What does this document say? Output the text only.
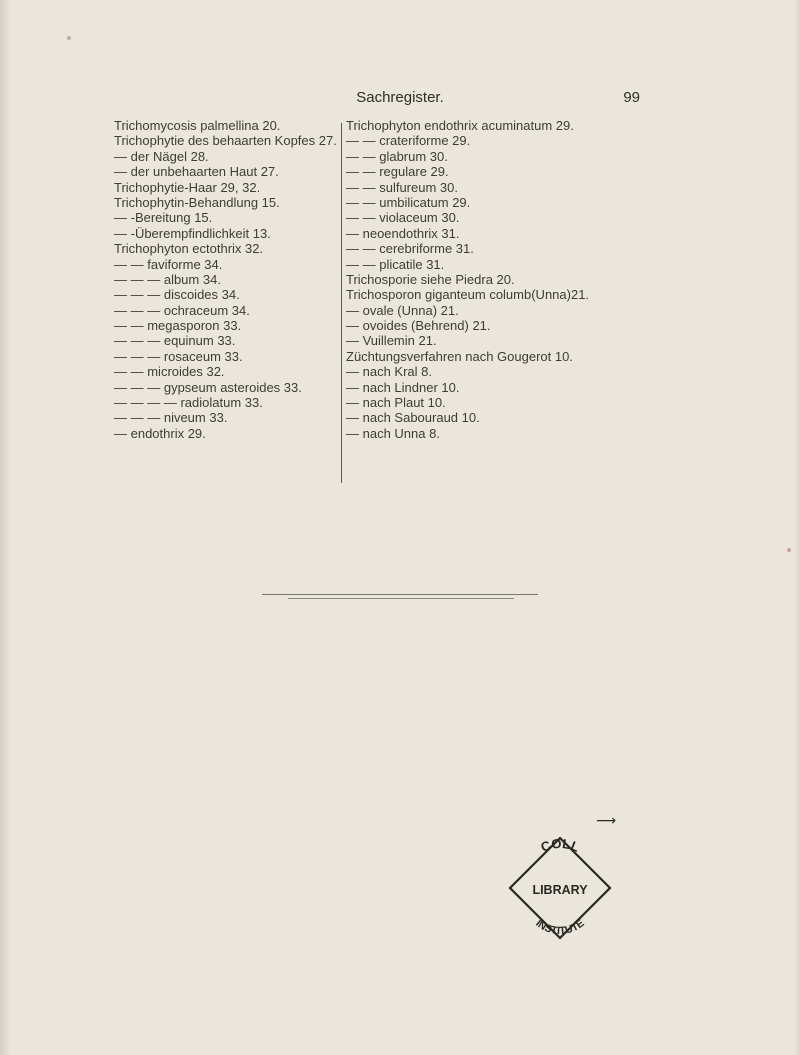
Sachregister.	99
Trichomycosis palmellina 20.
Trichophytie des behaarten Kopfes 27.
— der Nägel 28.
— der unbehaarten Haut 27.
Trichophytie-Haar 29, 32.
Trichophytin-Behandlung 15.
— -Bereitung 15.
— -Überempfindlichkeit 13.
Trichophyton ectothrix 32.
— — faviforme 34.
— — — album 34.
— — — discoides 34.
— — — ochraceum 34.
— — megasporon 33.
— — — equinum 33.
— — — rosaceum 33.
— — microides 32.
— — — gypseum asteroides 33.
— — — — radiolatum 33.
— — — niveum 33.
— endothrix 29.
Trichophyton endothrix acuminatum 29.
— — crateriforme 29.
— — glabrum 30.
— — regulare 29.
— — sulfureum 30.
— — umbilicatum 29.
— — violaceum 30.
— neoendothrix 31.
— — cerebriforme 31.
— — plicatile 31.
Trichosporie siehe Piedra 20.
Trichosporon giganteum columb(Unna)21.
— ovale (Unna) 21.
— ovoides (Behrend) 21.
— Vuillemin 21.
Züchtungsverfahren nach Gougerot 10.
— nach Kral 8.
— nach Lindner 10.
— nach Plaut 10.
— nach Sabouraud 10.
— nach Unna 8.
⟶
COLL
LIBRARY
INSTITUTE
